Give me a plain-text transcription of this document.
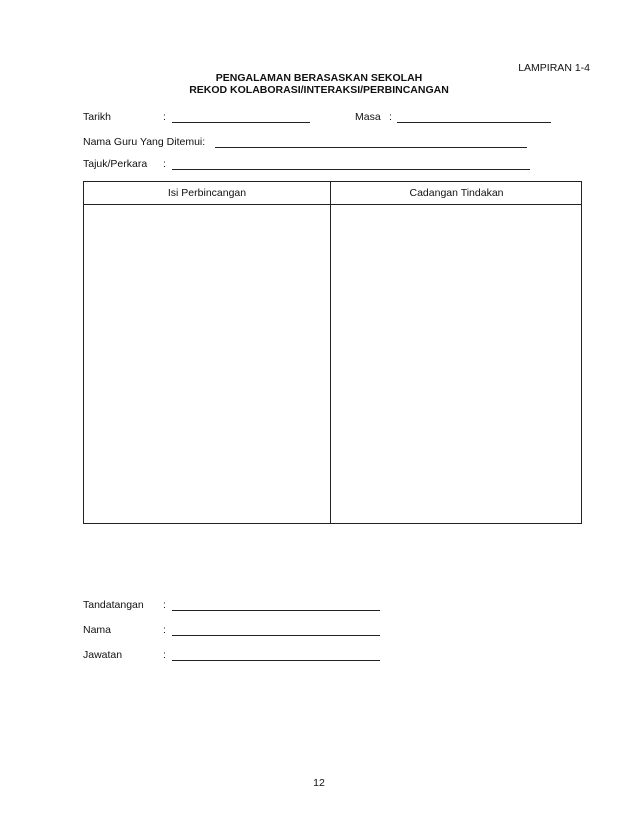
LAMPIRAN 1-4
PENGALAMAN BERASASKAN SEKOLAH
REKOD KOLABORASI/INTERAKSI/PERBINCANGAN
Tarikh	:	Masa :
Nama Guru Yang Ditemui:
Tajuk/Perkara :
Isi Perbincangan	Cadangan Tindakan
Tandatangan :
Nama	:
Jawatan	:
12
